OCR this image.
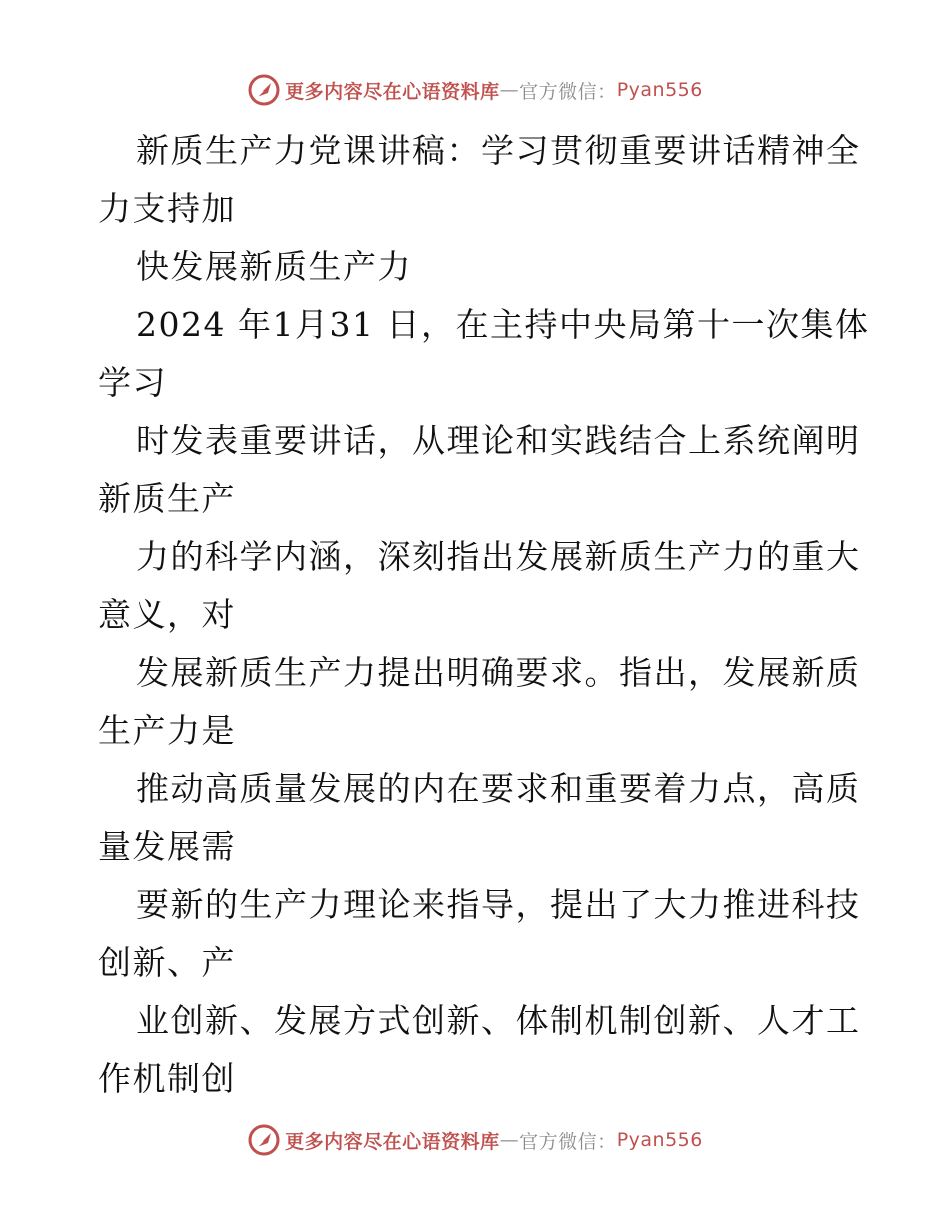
更多内容尽在心语资料库 — 官方微信： Pyan556
新质生产力党课讲稿：学习贯彻重要讲话精神全
力支持加
快发展新质生产力
2024 年1月31 日，在主持中央局第十一次集体
学习
时发表重要讲话，从理论和实践结合上系统阐明
新质生产
力的科学内涵，深刻指出发展新质生产力的重大
意义，对
发展新质生产力提出明确要求。指出，发展新质
生产力是
推动高质量发展的内在要求和重要着力点，高质
量发展需
要新的生产力理论来指导，提出了大力推进科技
创新、产
业创新、发展方式创新、体制机制创新、人才工
作机制创
更多内容尽在心语资料库 — 官方微信： Pyan556
